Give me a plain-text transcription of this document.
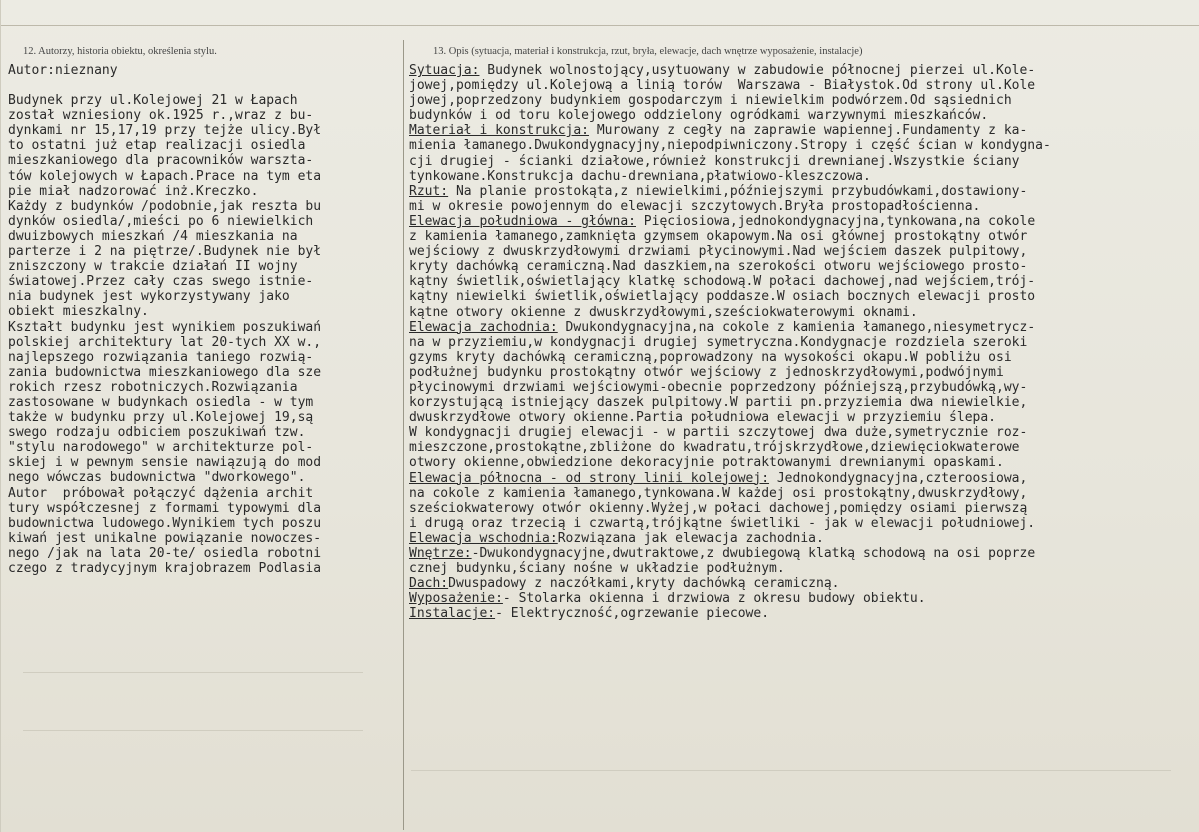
12. Autorzy, historia obiektu, określenia stylu.	13. Opis (sytuacja, materiał i konstrukcja, rzut, bryła, elewacje, dach wnętrze wyposażenie, instalacje)
Autor:nieznany
Budynek przy ul.Kolejowej 21 w Łapach
został wzniesiony ok.1925 r.,wraz z bu-
dynkami nr 15,17,19 przy tejże ulicy.Był
to ostatni już etap realizacji osiedla
mieszkaniowego dla pracowników warszta-
tów kolejowych w Łapach.Prace na tym eta
pie miał nadzorować inż.Kreczko.
Każdy z budynków /podobnie,jak reszta bu
dynków osiedla/,mieści po 6 niewielkich
dwuizbowych mieszkań /4 mieszkania na
parterze i 2 na piętrze/.Budynek nie był
zniszczony w trakcie działań II wojny
światowej.Przez cały czas swego istnie-
nia budynek jest wykorzystywany jako
obiekt mieszkalny.
Kształt budynku jest wynikiem poszukiwań
polskiej architektury lat 20-tych XX w.,
najlepszego rozwiązania taniego rozwią-
zania budownictwa mieszkaniowego dla sze
rokich rzesz robotniczych.Rozwiązania
zastosowane w budynkach osiedla - w tym
także w budynku przy ul.Kolejowej 19,są
swego rodzaju odbiciem poszukiwań tzw.
"stylu narodowego" w architekturze pol-
skiej i w pewnym sensie nawiązują do mod
nego wówczas budownictwa "dworkowego".
Autor  próbował połączyć dążenia archit
tury współczesnej z formami typowymi dla
budownictwa ludowego.Wynikiem tych poszu
kiwań jest unikalne powiązanie nowoczes-
nego /jak na lata 20-te/ osiedla robotni
czego z tradycyjnym krajobrazem Podlasia
Sytuacja: Budynek wolnostojący,usytuowany w zabudowie północnej pierzei ul.Kole-
jowej,pomiędzy ul.Kolejową a linią torów  Warszawa - Białystok.Od strony ul.Kole
jowej,poprzedzony budynkiem gospodarczym i niewielkim podwórzem.Od sąsiednich
budynków i od toru kolejowego oddzielony ogródkami warzywnymi mieszkańców.
Materiał i konstrukcja: Murowany z cegły na zaprawie wapiennej.Fundamenty z ka-
mienia łamanego.Dwukondygnacyjny,niepodpiwniczony.Stropy i część ścian w kondygna-
cji drugiej - ścianki działowe,również konstrukcji drewnianej.Wszystkie ściany
tynkowane.Konstrukcja dachu-drewniana,płatwiowo-kleszczowa.
Rzut: Na planie prostokąta,z niewielkimi,późniejszymi przybudówkami,dostawiony-
mi w okresie powojennym do elewacji szczytowych.Bryła prostopadłościenna.
Elewacja południowa - główna: Pięciosiowa,jednokondygnacyjna,tynkowana,na cokole
z kamienia łamanego,zamknięta gzymsem okapowym.Na osi głównej prostokątny otwór
wejściowy z dwuskrzydłowymi drzwiami płycinowymi.Nad wejściem daszek pulpitowy,
kryty dachówką ceramiczną.Nad daszkiem,na szerokości otworu wejściowego prosto-
kątny świetlik,oświetlający klatkę schodową.W połaci dachowej,nad wejściem,trój-
kątny niewielki świetlik,oświetlający poddasze.W osiach bocznych elewacji prosto
kątne otwory okienne z dwuskrzydłowymi,sześciokwaterowymi oknami.
Elewacja zachodnia: Dwukondygnacyjna,na cokole z kamienia łamanego,niesymetrycz-
na w przyziemiu,w kondygnacji drugiej symetryczna.Kondygnacje rozdziela szeroki
gzyms kryty dachówką ceramiczną,poprowadzony na wysokości okapu.W pobliżu osi
podłużnej budynku prostokątny otwór wejściowy z jednoskrzydłowymi,podwójnymi
płycinowymi drzwiami wejściowymi-obecnie poprzedzony późniejszą,przybudówką,wy-
korzystującą istniejący daszek pulpitowy.W partii pn.przyziemia dwa niewielkie,
dwuskrzydłowe otwory okienne.Partia południowa elewacji w przyziemiu ślepa.
W kondygnacji drugiej elewacji - w partii szczytowej dwa duże,symetrycznie roz-
mieszczone,prostokątne,zbliżone do kwadratu,trójskrzydłowe,dziewięciokwaterowe
otwory okienne,obwiedzione dekoracyjnie potraktowanymi drewnianymi opaskami.
Elewacja północna - od strony linii kolejowej: Jednokondygnacyjna,czteroosiowa,
na cokole z kamienia łamanego,tynkowana.W każdej osi prostokątny,dwuskrzydłowy,
sześciokwaterowy otwór okienny.Wyżej,w połaci dachowej,pomiędzy osiami pierwszą
i drugą oraz trzecią i czwartą,trójkątne świetliki - jak w elewacji południowej.
Elewacja wschodnia:Rozwiązana jak elewacja zachodnia.
Wnętrze:-Dwukondygnacyjne,dwutraktowe,z dwubiegową klatką schodową na osi poprze
cznej budynku,ściany nośne w układzie podłużnym.
Dach:Dwuspadowy z naczółkami,kryty dachówką ceramiczną.
Wyposażenie:- Stolarka okienna i drzwiowa z okresu budowy obiektu.
Instalacje:- Elektryczność,ogrzewanie piecowe.
